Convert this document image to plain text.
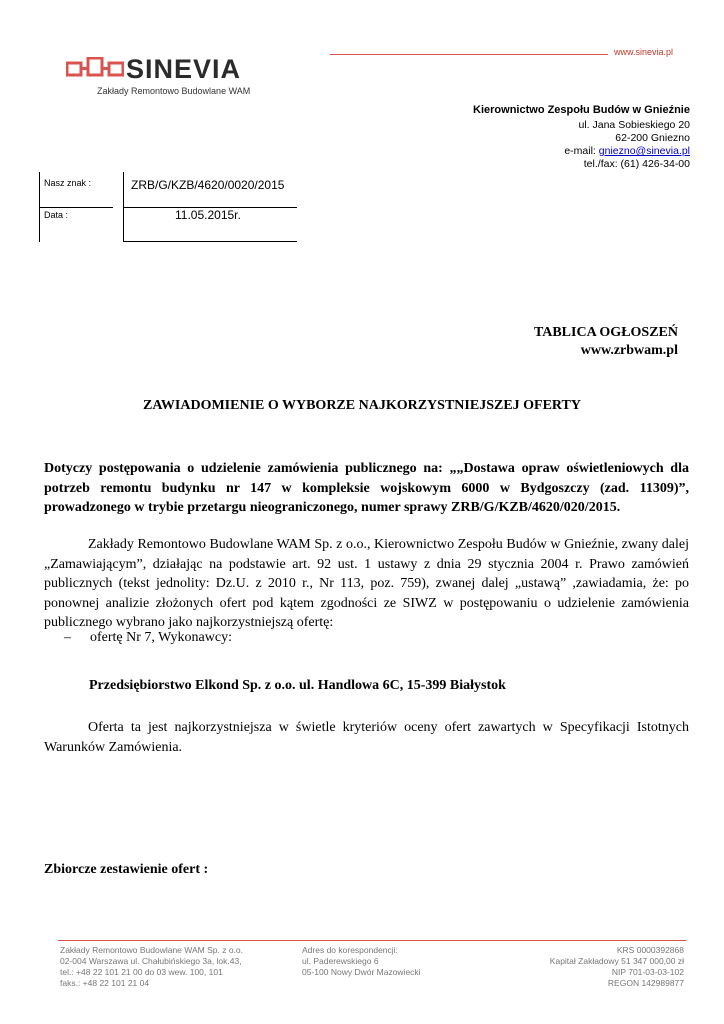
www.sinevia.pl
SINEVIA
Zakłady Remontowo Budowlane WAM
Kierownictwo Zespołu Budów w Gnieźnie
ul. Jana Sobieskiego 20
62-200 Gniezno
e-mail: gniezno@sinevia.pl
tel./fax: (61) 426-34-00
Nasz znak :	ZRB/G/KZB/4620/0020/2015
Data :	11.05.2015r.
TABLICA OGŁOSZEŃ
www.zrbwam.pl
ZAWIADOMIENIE O WYBORZE NAJKORZYSTNIEJSZEJ OFERTY
Dotyczy postępowania o udzielenie zamówienia publicznego na: „„Dostawa opraw oświetleniowych dla potrzeb remontu budynku nr 147 w kompleksie wojskowym 6000 w Bydgoszczy (zad. 11309)”, prowadzonego w trybie przetargu nieograniczonego, numer sprawy ZRB/G/KZB/4620/020/2015.
Zakłady Remontowo Budowlane WAM Sp. z o.o., Kierownictwo Zespołu Budów w Gnieźnie, zwany dalej „Zamawiającym”, działając na podstawie art. 92 ust. 1 ustawy z dnia 29 stycznia 2004 r. Prawo zamówień publicznych (tekst jednolity: Dz.U. z 2010 r., Nr 113, poz. 759), zwanej dalej „ustawą” ,zawiadamia, że: po ponownej analizie złożonych ofert pod kątem zgodności ze SIWZ w postępowaniu o udzielenie zamówienia publicznego wybrano jako najkorzystniejszą ofertę:
– ofertę Nr 7, Wykonawcy:
Przedsiębiorstwo Elkond Sp. z o.o. ul. Handlowa 6C, 15-399 Białystok
Oferta ta jest najkorzystniejsza w świetle kryteriów oceny ofert zawartych w Specyfikacji Istotnych Warunków Zamówienia.
Zbiorcze zestawienie ofert :
Zakłady Remontowo Budowlane WAM Sp. z o.o.
02-004 Warszawa ul. Chałubińskiego 3a, lok.43,
tel.: +48 22 101 21 00 do 03 wew. 100, 101
faks.: +48 22 101 21 04
Adres do korespondencji:
ul. Paderewskiego 6
05-100 Nowy Dwór Mazowiecki
KRS 0000392868
Kapitał Zakładowy 51 347 000,00 zł
NIP 701-03-03-102
REGON 142989877
